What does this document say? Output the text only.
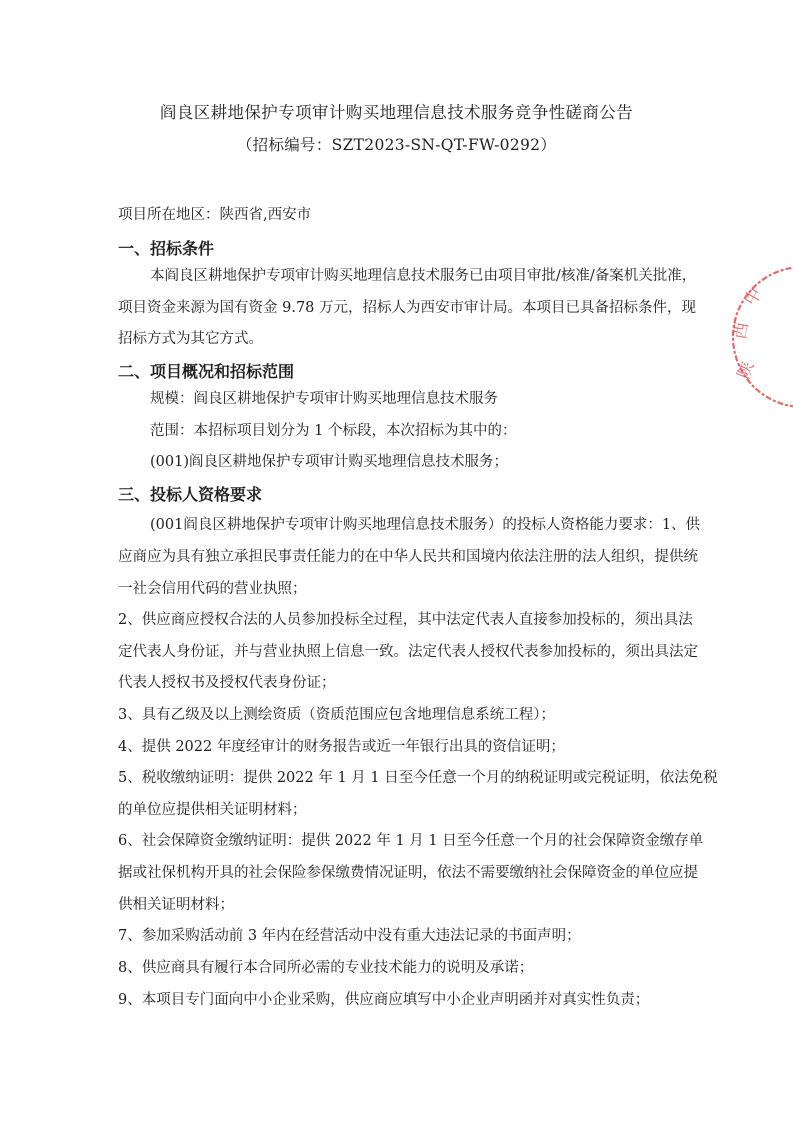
阎良区耕地保护专项审计购买地理信息技术服务竞争性磋商公告
（招标编号：SZT2023-SN-QT-FW-0292）
项目所在地区：陕西省,西安市
一、招标条件
本阎良区耕地保护专项审计购买地理信息技术服务已由项目审批/核准/备案机关批准，
项目资金来源为国有资金 9.78 万元，招标人为西安市审计局。本项目已具备招标条件，现
招标方式为其它方式。
二、项目概况和招标范围
规模：阎良区耕地保护专项审计购买地理信息技术服务
范围：本招标项目划分为 1 个标段，本次招标为其中的：
(001)阎良区耕地保护专项审计购买地理信息技术服务；
三、投标人资格要求
(001阎良区耕地保护专项审计购买地理信息技术服务）的投标人资格能力要求：1、供
应商应为具有独立承担民事责任能力的在中华人民共和国境内依法注册的法人组织，提供统
一社会信用代码的营业执照；
2、供应商应授权合法的人员参加投标全过程，其中法定代表人直接参加投标的，须出具法
定代表人身份证，并与营业执照上信息一致。法定代表人授权代表参加投标的，须出具法定
代表人授权书及授权代表身份证；
3、具有乙级及以上测绘资质（资质范围应包含地理信息系统工程）；
4、提供 2022 年度经审计的财务报告或近一年银行出具的资信证明；
5、税收缴纳证明：提供 2022 年 1 月 1 日至今任意一个月的纳税证明或完税证明，依法免税
的单位应提供相关证明材料；
6、社会保障资金缴纳证明：提供 2022 年 1 月 1 日至今任意一个月的社会保障资金缴存单
据或社保机构开具的社会保险参保缴费情况证明，依法不需要缴纳社会保障资金的单位应提
供相关证明材料；
7、参加采购活动前 3 年内在经营活动中没有重大违法记录的书面声明；
8、供应商具有履行本合同所必需的专业技术能力的说明及承诺；
9、本项目专门面向中小企业采购，供应商应填写中小企业声明函并对真实性负责；
陕
西
中
